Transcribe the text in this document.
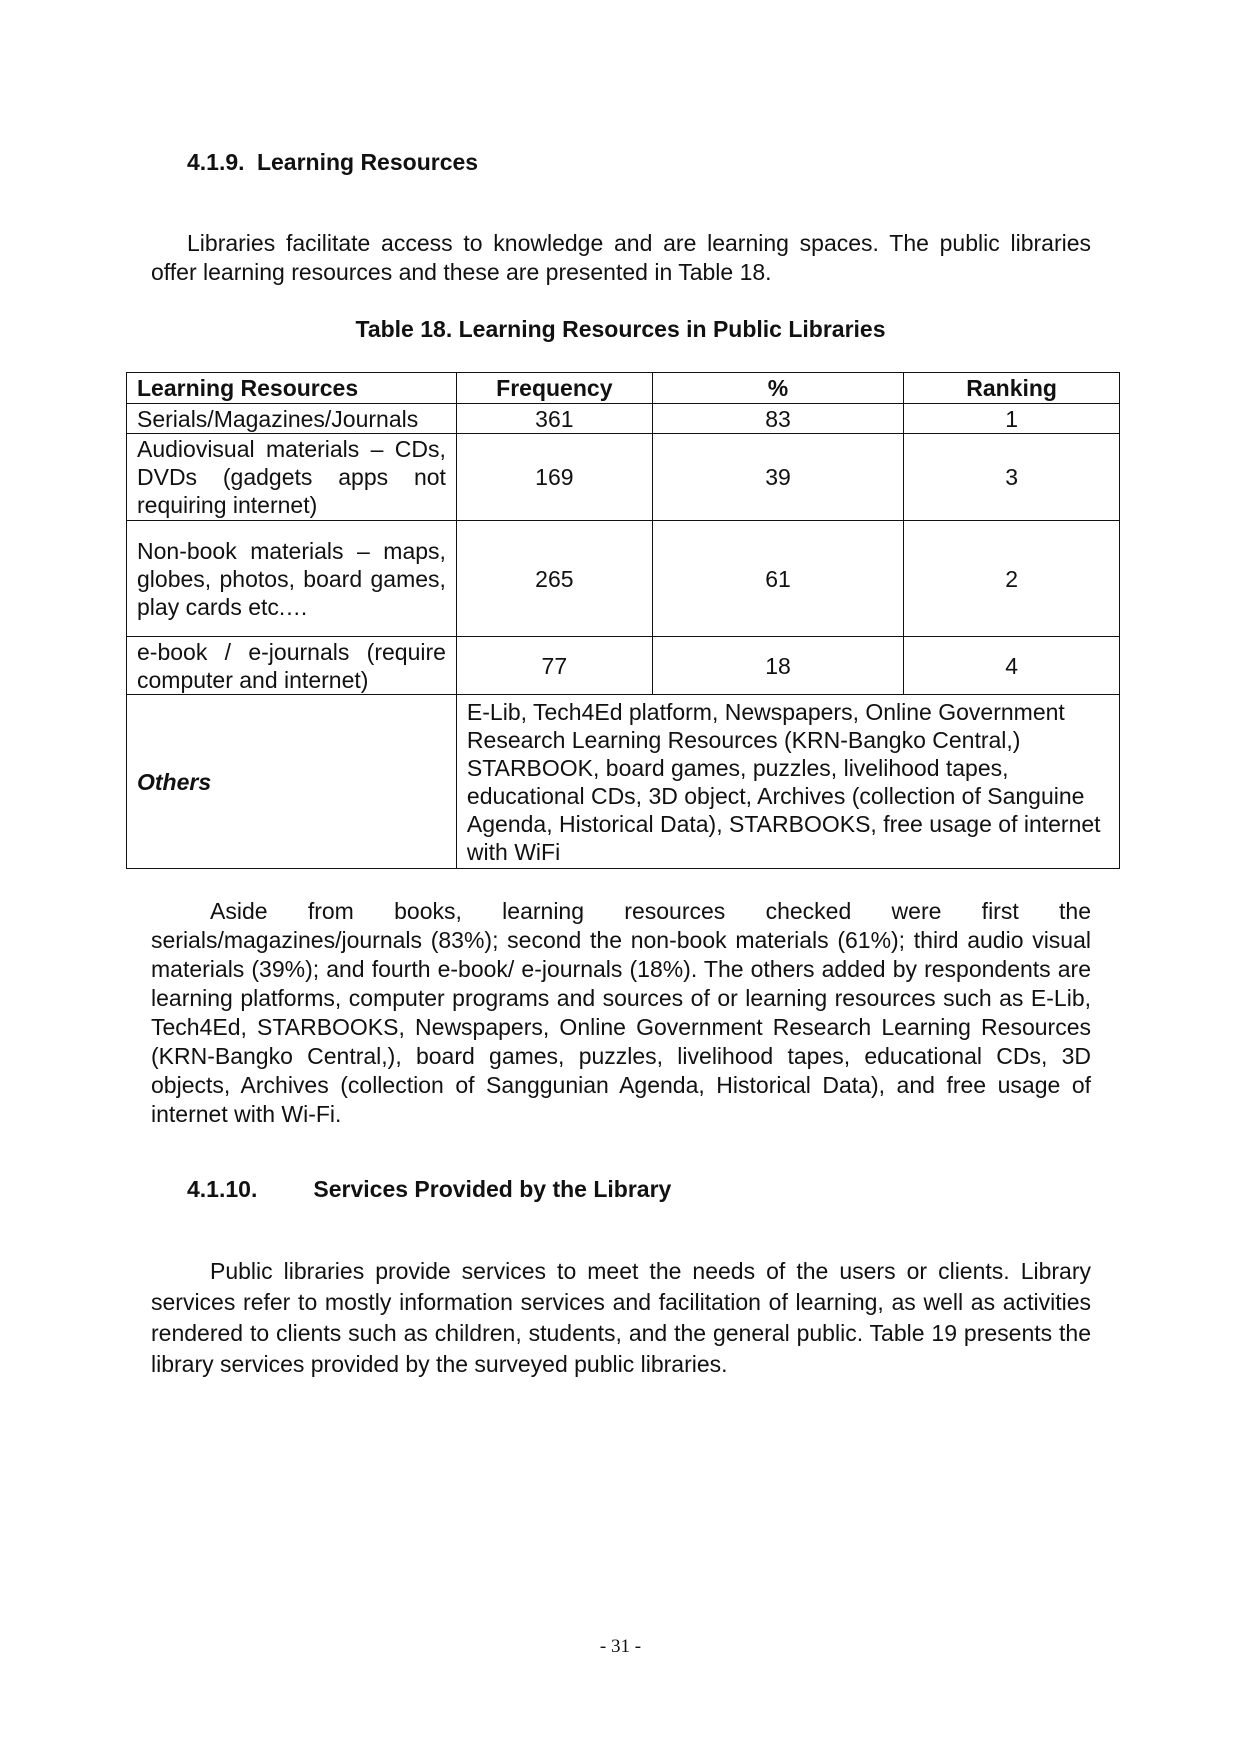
4.1.9. Learning Resources

Libraries facilitate access to knowledge and are learning spaces. The public libraries offer learning resources and these are presented in Table 18.

Table 18. Learning Resources in Public Libraries

Learning Resources	Frequency	%	Ranking
Serials/Magazines/Journals	361	83	1
Audiovisual materials – CDs, DVDs (gadgets apps not requiring internet)	169	39	3
Non-book materials – maps, globes, photos, board games, play cards etc.…	265	61	2
e-book / e-journals (require computer and internet)	77	18	4
Others	E-Lib, Tech4Ed platform, Newspapers, Online Government Research Learning Resources (KRN-Bangko Central,) STARBOOK, board games, puzzles, livelihood tapes, educational CDs, 3D object, Archives (collection of Sanguine Agenda, Historical Data), STARBOOKS, free usage of internet with WiFi		

Aside from books, learning resources checked were first the serials/magazines/journals (83%); second the non-book materials (61%); third audio visual materials (39%); and fourth e-book/ e-journals (18%). The others added by respondents are learning platforms, computer programs and sources of or learning resources such as E-Lib, Tech4Ed, STARBOOKS, Newspapers, Online Government Research Learning Resources (KRN-Bangko Central,), board games, puzzles, livelihood tapes, educational CDs, 3D objects, Archives (collection of Sanggunian Agenda, Historical Data), and free usage of internet with Wi-Fi.

4.1.10. Services Provided by the Library

Public libraries provide services to meet the needs of the users or clients. Library services refer to mostly information services and facilitation of learning, as well as activities rendered to clients such as children, students, and the general public. Table 19 presents the library services provided by the surveyed public libraries.

- 31 -
